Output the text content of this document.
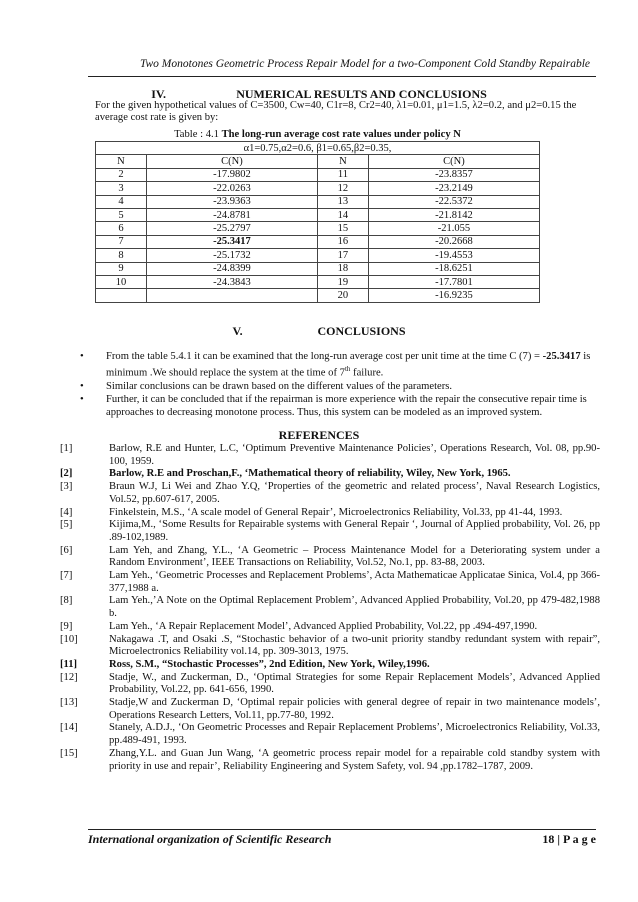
Two Monotones Geometric Process Repair Model for a two-Component Cold Standby Repairable
IV.	NUMERICAL RESULTS AND CONCLUSIONS
For the given hypothetical values of C=3500, Cw=40, C1r=8, Cr2=40, λ1=0.01, μ1=1.5, λ2=0.2, and μ2=0.15 the average cost rate is given by:
Table : 4.1 The long-run average cost rate values under policy N
α1=0.75,α2=0.6, β1=0.65,β2=0.35,			
N	C(N)	N	C(N)
2	-17.9802	11	-23.8357
3	-22.0263	12	-23.2149
4	-23.9363	13	-22.5372
5	-24.8781	14	-21.8142
6	-25.2797	15	-21.055
7	-25.3417	16	-20.2668
8	-25.1732	17	-19.4553
9	-24.8399	18	-18.6251
10	-24.3843	19	-17.7801
		20	-16.9235
V.	CONCLUSIONS
• From the table 5.4.1 it can be examined that the long-run average cost per unit time at the time C (7) = -25.3417 is minimum .We should replace the system at the time of 7th failure.
• Similar conclusions can be drawn based on the different values of the parameters.
• Further, it can be concluded that if the repairman is more experience with the repair the consecutive repair time is approaches to decreasing monotone process. Thus, this system can be modeled as an improved system.
REFERENCES
[1]	Barlow, R.E and Hunter, L.C, ‘Optimum Preventive Maintenance Policies’, Operations Research, Vol. 08, pp.90-100, 1959.
[2]	Barlow, R.E and Proschan,F., ‘Mathematical theory of reliability, Wiley, New York, 1965.
[3]	Braun W.J, Li Wei and Zhao Y.Q, ‘Properties of the geometric and related process’, Naval Research Logistics, Vol.52, pp.607-617, 2005.
[4]	Finkelstein, M.S., ‘A scale model of General Repair’, Microelectronics Reliability, Vol.33, pp 41-44, 1993.
[5]	Kijima,M., ‘Some Results for Repairable systems with General Repair ‘, Journal of Applied probability, Vol. 26, pp .89-102,1989.
[6]	Lam Yeh, and Zhang, Y.L., ‘A Geometric – Process Maintenance Model for a Deteriorating system under a Random Environment’, IEEE Transactions on Reliability, Vol.52, No.1, pp. 83-88, 2003.
[7]	Lam Yeh., ‘Geometric Processes and Replacement Problems’, Acta Mathematicae Applicatae Sinica, Vol.4, pp 366-377,1988 a.
[8]	Lam Yeh.,’A Note on the Optimal Replacement Problem’, Advanced Applied Probability, Vol.20, pp 479-482,1988 b.
[9]	Lam Yeh., ‘A Repair Replacement Model’, Advanced Applied Probability, Vol.22, pp .494-497,1990.
[10]	Nakagawa .T, and Osaki .S, “Stochastic behavior of a two-unit priority standby redundant system with repair”, Microelectronics Reliability vol.14, pp. 309-3013, 1975.
[11]	Ross, S.M., “Stochastic Processes”, 2nd Edition, New York, Wiley,1996.
[12]	Stadje, W., and Zuckerman, D., ‘Optimal Strategies for some Repair Replacement Models’, Advanced Applied Probability, Vol.22, pp. 641-656, 1990.
[13]	Stadje,W and Zuckerman D, ‘Optimal repair policies with general degree of repair in two maintenance models’, Operations Research Letters, Vol.11, pp.77-80, 1992.
[14]	Stanely, A.D.J., ‘On Geometric Processes and Repair Replacement Problems’, Microelectronics Reliability, Vol.33, pp.489-491, 1993.
[15]	Zhang,Y.L. and Guan Jun Wang, ‘A geometric process repair model for a repairable cold standby system with priority in use and repair’, Reliability Engineering and System Safety, vol. 94 ,pp.1782–1787, 2009.
International organization of Scientific Research	18 | P a g e
